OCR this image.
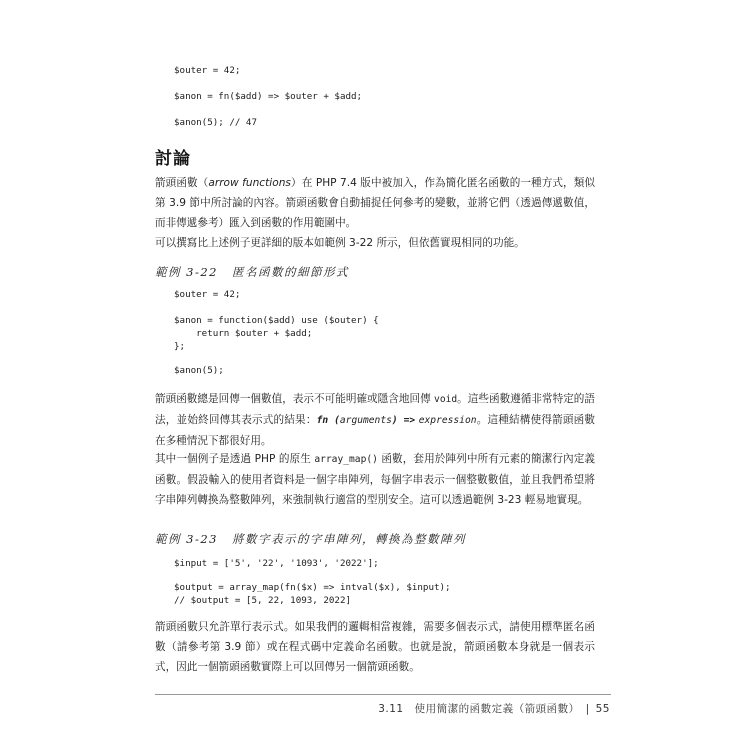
$outer = 42;
$anon = fn($add) => $outer + $add;
$anon(5); // 47
討論

箭頭函數（arrow functions）在 PHP 7.4 版中被加入，作為簡化匿名函數的一種方式，類似第 3.9 節中所討論的內容。箭頭函數會自動捕捉任何參考的變數，並將它們（透過傳遞數值，而非傳遞參考）匯入到函數的作用範圍中。

可以撰寫比上述例子更詳細的版本如範例 3-22 所示，但依舊實現相同的功能。

範例 3-22 匿名函數的細節形式
$outer = 42;
$anon = function($add) use ($outer) {
return $outer + $add;
};
$anon(5);

箭頭函數總是回傳一個數值，表示不可能明確或隱含地回傳 void。這些函數遵循非常特定的語法，並始終回傳其表示式的結果：fn (arguments) => expression。這種結構使得箭頭函數在多種情況下都很好用。

其中一個例子是透過 PHP 的原生 array_map() 函數，套用於陣列中所有元素的簡潔行內定義函數。假設輸入的使用者資料是一個字串陣列，每個字串表示一個整數數值，並且我們希望將字串陣列轉換為整數陣列，來強制執行適當的型別安全。這可以透過範例 3-23 輕易地實現。

範例 3-23 將數字表示的字串陣列，轉換為整數陣列
$input = ['5', '22', '1093', '2022'];
$output = array_map(fn($x) => intval($x), $input);
// $output = [5, 22, 1093, 2022]

箭頭函數只允許單行表示式。如果我們的邏輯相當複雜，需要多個表示式，請使用標準匿名函數（請參考第 3.9 節）或在程式碼中定義命名函數。也就是說，箭頭函數本身就是一個表示式，因此一個箭頭函數實際上可以回傳另一個箭頭函數。

3.11　使用簡潔的函數定義（箭頭函數） | 55
